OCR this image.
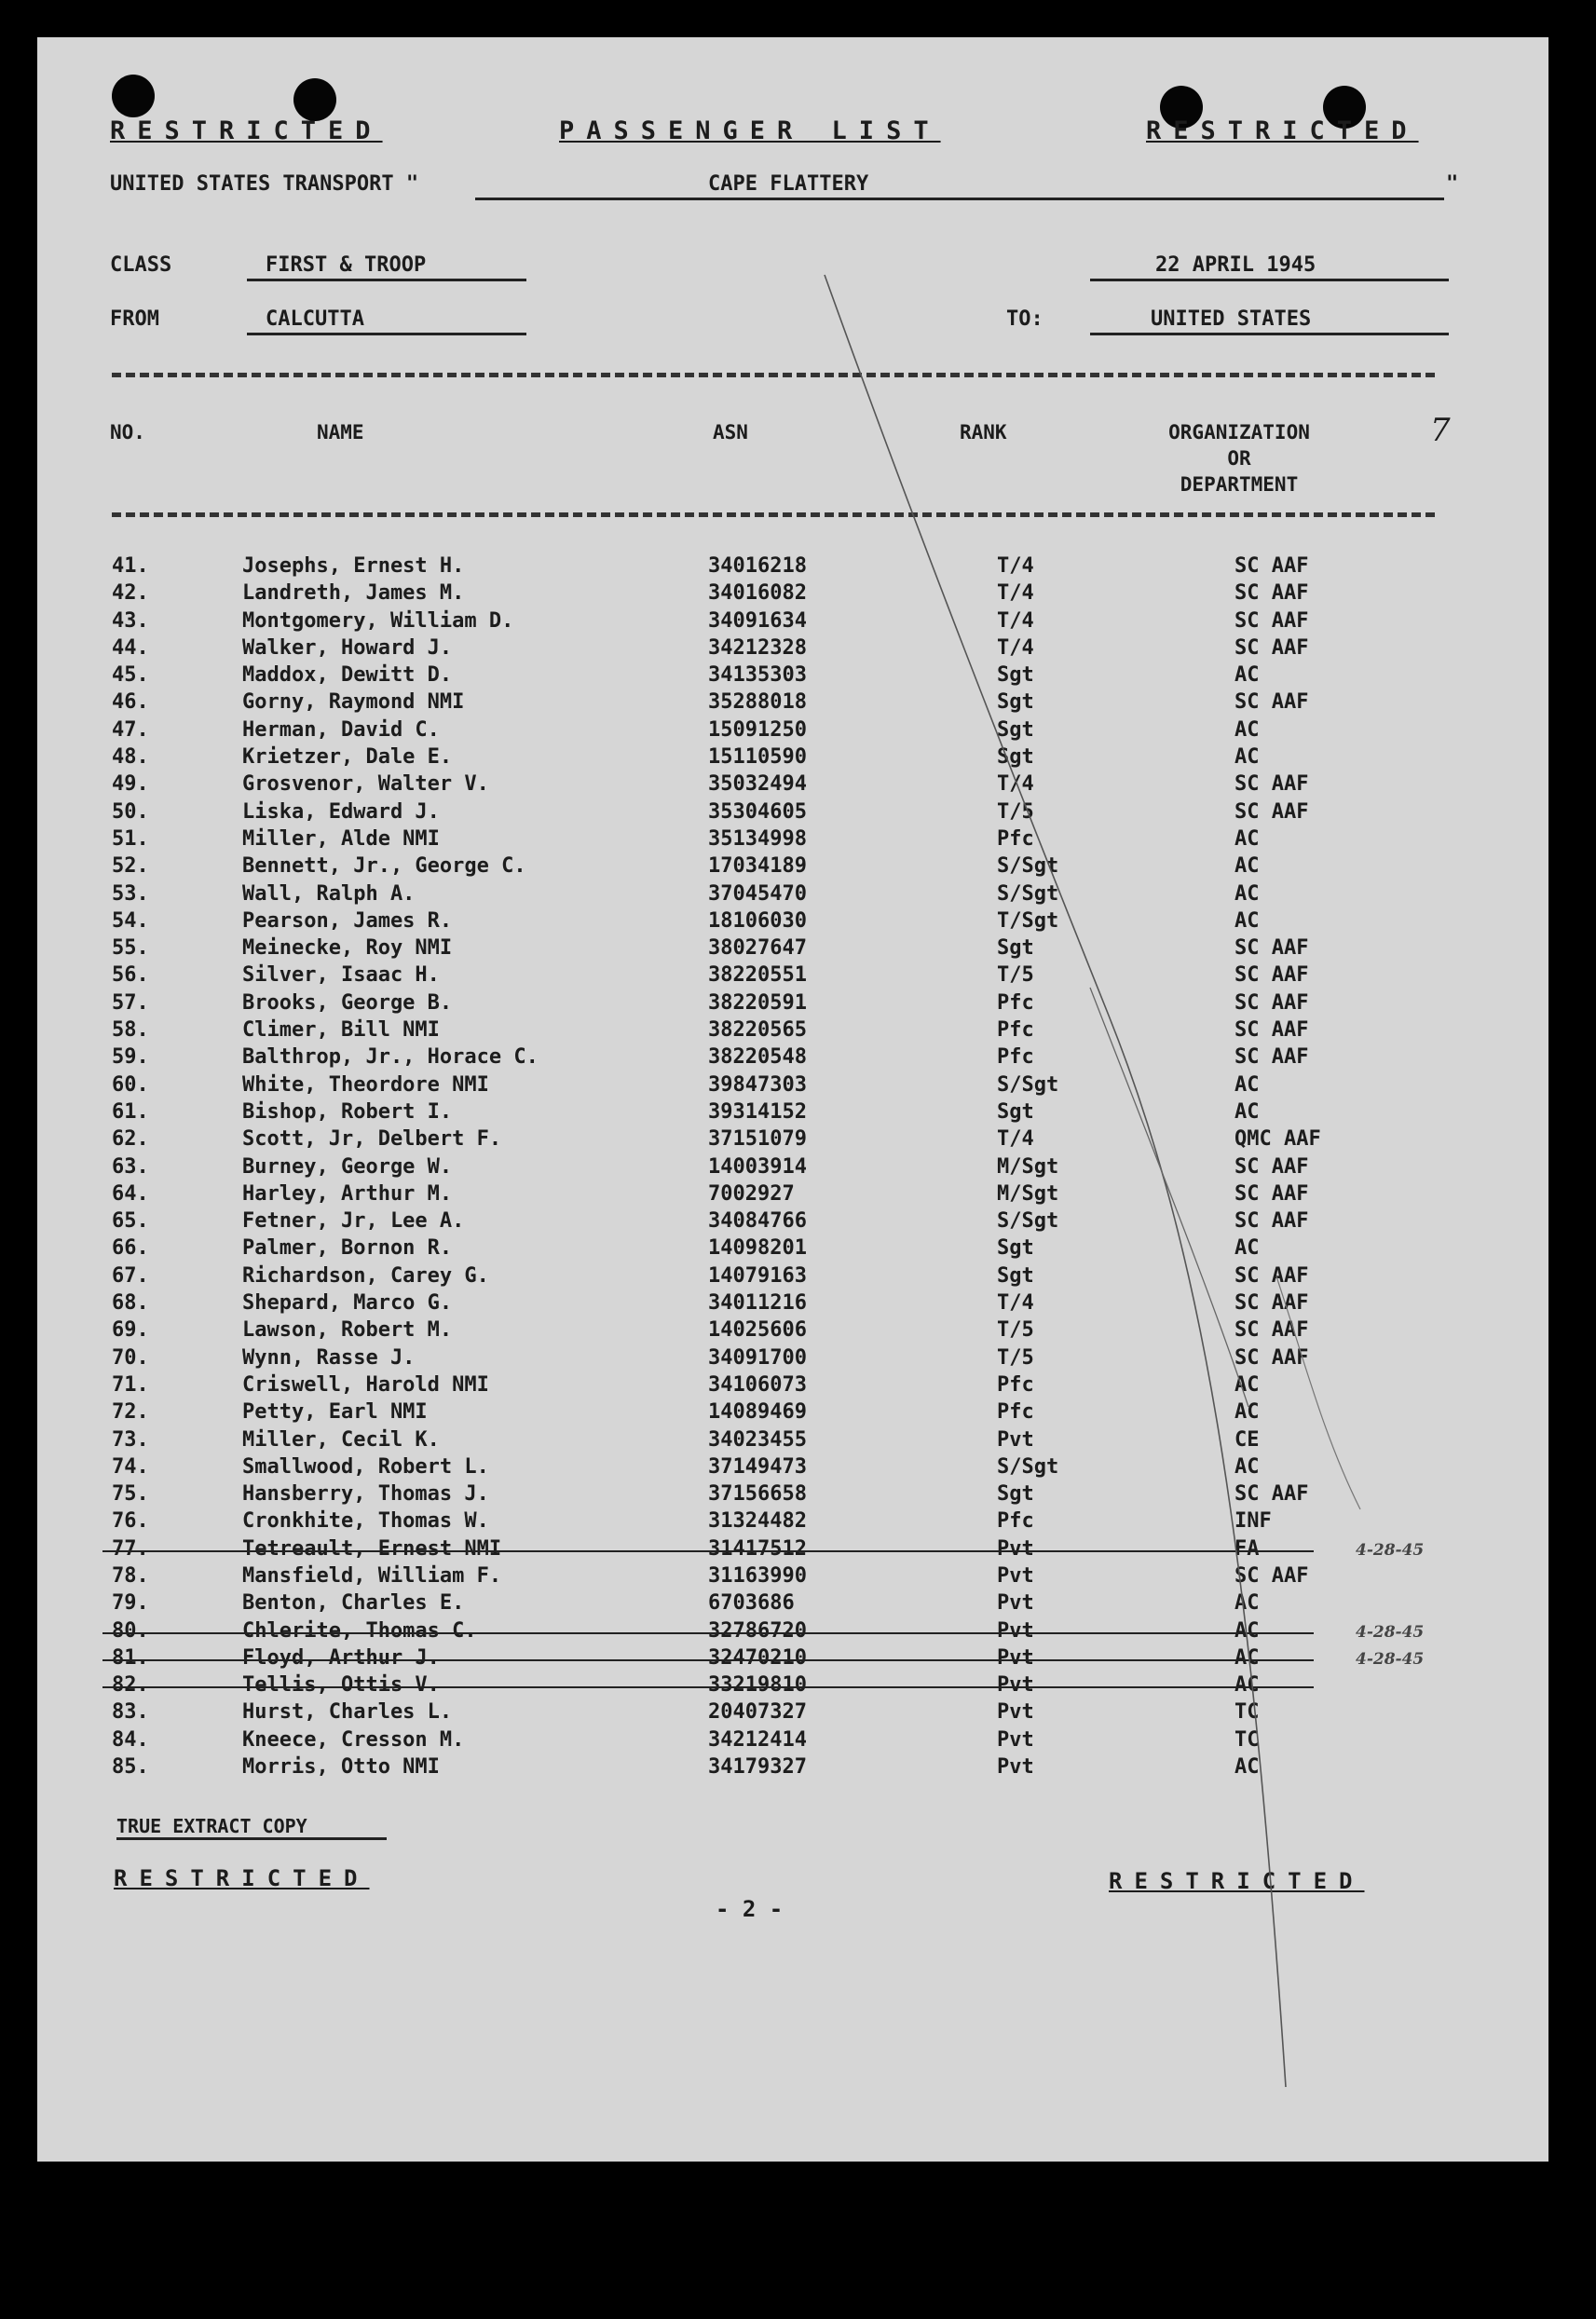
RESTRICTED	PASSENGER LIST	RESTRICTED
UNITED STATES TRANSPORT "	CAPE FLATTERY	"
CLASS	FIRST & TROOP	22 APRIL 1945
FROM	CALCUTTA	TO:	UNITED STATES
NO.	NAME	ASN	RANK	ORGANIZATION
OR
DEPARTMENT
7
41.	Josephs, Ernest H.	34016218	T/4	SC AAF
42.	Landreth, James M.	34016082	T/4	SC AAF
43.	Montgomery, William D.	34091634	T/4	SC AAF
44.	Walker, Howard J.	34212328	T/4	SC AAF
45.	Maddox, Dewitt D.	34135303	Sgt	AC
46.	Gorny, Raymond NMI	35288018	Sgt	SC AAF
47.	Herman, David C.	15091250	Sgt	AC
48.	Krietzer, Dale E.	15110590	Sgt	AC
49.	Grosvenor, Walter V.	35032494	T/4	SC AAF
50.	Liska, Edward J.	35304605	T/5	SC AAF
51.	Miller, Alde NMI	35134998	Pfc	AC
52.	Bennett, Jr., George C.	17034189	S/Sgt	AC
53.	Wall, Ralph A.	37045470	S/Sgt	AC
54.	Pearson, James R.	18106030	T/Sgt	AC
55.	Meinecke, Roy NMI	38027647	Sgt	SC AAF
56.	Silver, Isaac H.	38220551	T/5	SC AAF
57.	Brooks, George B.	38220591	Pfc	SC AAF
58.	Climer, Bill NMI	38220565	Pfc	SC AAF
59.	Balthrop, Jr., Horace C.	38220548	Pfc	SC AAF
60.	White, Theordore NMI	39847303	S/Sgt	AC
61.	Bishop, Robert I.	39314152	Sgt	AC
62.	Scott, Jr, Delbert F.	37151079	T/4	QMC AAF
63.	Burney, George W.	14003914	M/Sgt	SC AAF
64.	Harley, Arthur M.	7002927	M/Sgt	SC AAF
65.	Fetner, Jr, Lee A.	34084766	S/Sgt	SC AAF
66.	Palmer, Bornon R.	14098201	Sgt	AC
67.	Richardson, Carey G.	14079163	Sgt	SC AAF
68.	Shepard, Marco G.	34011216	T/4	SC AAF
69.	Lawson, Robert M.	14025606	T/5	SC AAF
70.	Wynn, Rasse J.	34091700	T/5	SC AAF
71.	Criswell, Harold NMI	34106073	Pfc	AC
72.	Petty, Earl NMI	14089469	Pfc	AC
73.	Miller, Cecil K.	34023455	Pvt	CE
74.	Smallwood, Robert L.	37149473	S/Sgt	AC
75.	Hansberry, Thomas J.	37156658	Sgt	SC AAF
76.	Cronkhite, Thomas W.	31324482	Pfc	INF
77.	Tetreault, Ernest NMI	31417512	Pvt	FA	4-28-45
78.	Mansfield, William F.	31163990	Pvt	SC AAF
79.	Benton, Charles E.	6703686	Pvt	AC
80.	Chlerite, Thomas C.	32786720	Pvt	AC	4-28-45
81.	Floyd, Arthur J.	32470210	Pvt	AC	4-28-45
82.	Tellis, Ottis V.	33219810	Pvt	AC
83.	Hurst, Charles L.	20407327	Pvt	TC
84.	Kneece, Cresson M.	34212414	Pvt	TC
85.	Morris, Otto NMI	34179327	Pvt	AC
TRUE EXTRACT COPY
RESTRICTED
- 2 -
RESTRICTED
